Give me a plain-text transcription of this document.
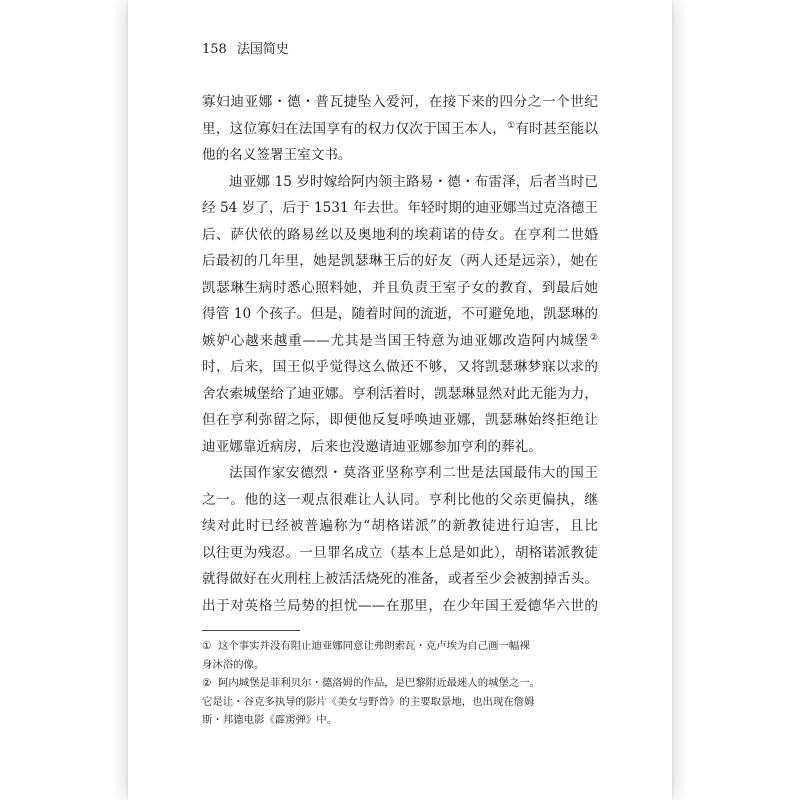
158 法国简史
寡妇迪亚娜・德・普瓦捷坠入爱河，在接下来的四分之一个世纪
里，这位寡妇在法国享有的权力仅次于国王本人，①有时甚至能以
他的名义签署王室文书。
迪亚娜 15 岁时嫁给阿内领主路易・德・布雷泽，后者当时已
经 54 岁了，后于 1531 年去世。年轻时期的迪亚娜当过克洛德王
后、萨伏依的路易丝以及奥地利的埃莉诺的侍女。在亨利二世婚
后最初的几年里，她是凯瑟琳王后的好友（两人还是远亲），她在
凯瑟琳生病时悉心照料她，并且负责王室子女的教育，到最后她
得管 10 个孩子。但是，随着时间的流逝，不可避免地，凯瑟琳的
嫉妒心越来越重——尤其是当国王特意为迪亚娜改造阿内城堡②
时，后来，国王似乎觉得这么做还不够，又将凯瑟琳梦寐以求的
舍农索城堡给了迪亚娜。亨利活着时，凯瑟琳显然对此无能为力，
但在亨利弥留之际，即便他反复呼唤迪亚娜，凯瑟琳始终拒绝让
迪亚娜靠近病房，后来也没邀请迪亚娜参加亨利的葬礼。
法国作家安德烈・莫洛亚坚称亨利二世是法国最伟大的国王
之一。他的这一观点很难让人认同。亨利比他的父亲更偏执，继
续对此时已经被普遍称为“胡格诺派”的新教徒进行迫害，且比
以往更为残忍。一旦罪名成立（基本上总是如此），胡格诺派教徒
就得做好在火刑柱上被活活烧死的准备，或者至少会被割掉舌头。
出于对英格兰局势的担忧——在那里，在少年国王爱德华六世的
① 这个事实并没有阻止迪亚娜同意让弗朗索瓦・克卢埃为自己画一幅裸
身沐浴的像。
② 阿内城堡是菲利贝尔・德洛姆的作品，是巴黎附近最迷人的城堡之一。
它是让・谷克多执导的影片《美女与野兽》的主要取景地，也出现在詹姆
斯・邦德电影《霹雳弹》中。
